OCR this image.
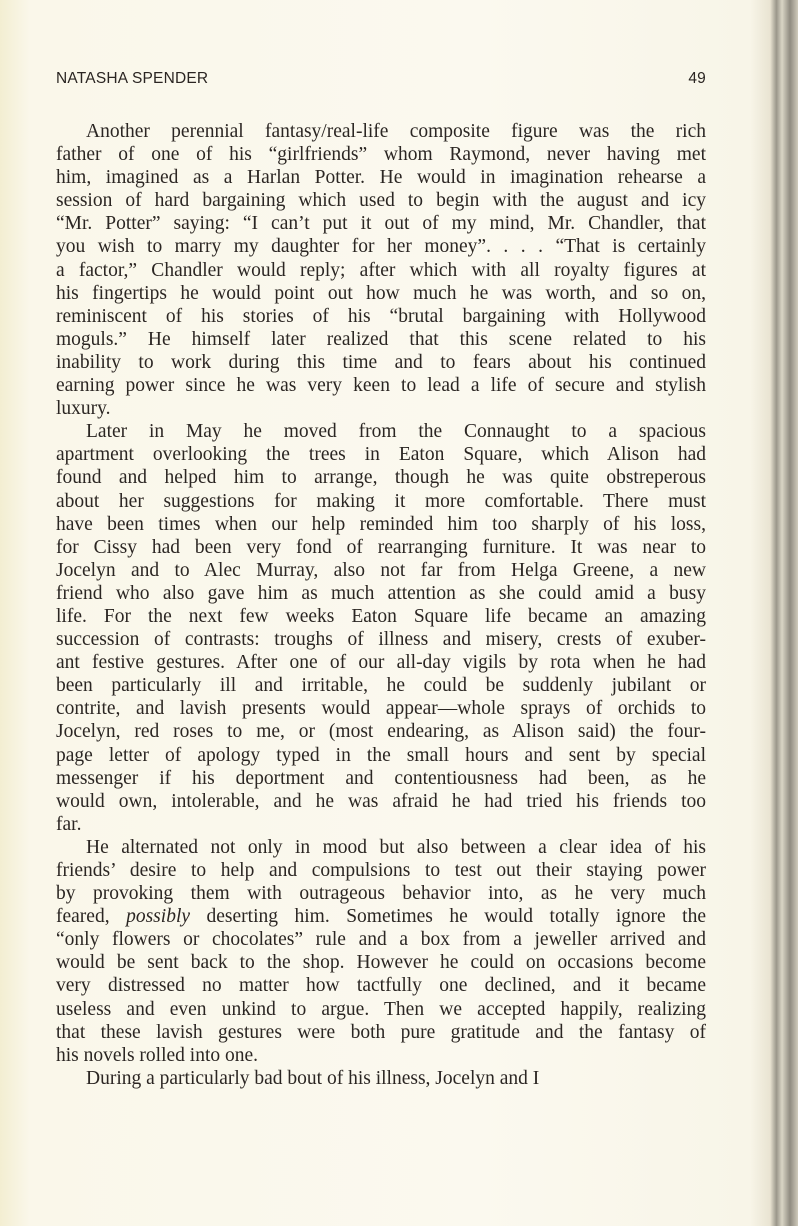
NATASHA SPENDER	49
Another perennial fantasy/real-life composite figure was the rich
father of one of his “girlfriends” whom Raymond, never having met
him, imagined as a Harlan Potter. He would in imagination rehearse a
session of hard bargaining which used to begin with the august and icy
“Mr. Potter” saying: “I can’t put it out of my mind, Mr. Chandler, that
you wish to marry my daughter for her money”. . . . “That is certainly
a factor,” Chandler would reply; after which with all royalty figures at
his fingertips he would point out how much he was worth, and so on,
reminiscent of his stories of his “brutal bargaining with Hollywood
moguls.” He himself later realized that this scene related to his
inability to work during this time and to fears about his continued
earning power since he was very keen to lead a life of secure and stylish
luxury.
Later in May he moved from the Connaught to a spacious
apartment overlooking the trees in Eaton Square, which Alison had
found and helped him to arrange, though he was quite obstreperous
about her suggestions for making it more comfortable. There must
have been times when our help reminded him too sharply of his loss,
for Cissy had been very fond of rearranging furniture. It was near to
Jocelyn and to Alec Murray, also not far from Helga Greene, a new
friend who also gave him as much attention as she could amid a busy
life. For the next few weeks Eaton Square life became an amazing
succession of contrasts: troughs of illness and misery, crests of exuber-
ant festive gestures. After one of our all-day vigils by rota when he had
been particularly ill and irritable, he could be suddenly jubilant or
contrite, and lavish presents would appear—whole sprays of orchids to
Jocelyn, red roses to me, or (most endearing, as Alison said) the four-
page letter of apology typed in the small hours and sent by special
messenger if his deportment and contentiousness had been, as he
would own, intolerable, and he was afraid he had tried his friends too
far.
He alternated not only in mood but also between a clear idea of his
friends’ desire to help and compulsions to test out their staying power
by provoking them with outrageous behavior into, as he very much
feared, possibly deserting him. Sometimes he would totally ignore the
“only flowers or chocolates” rule and a box from a jeweller arrived and
would be sent back to the shop. However he could on occasions become
very distressed no matter how tactfully one declined, and it became
useless and even unkind to argue. Then we accepted happily, realizing
that these lavish gestures were both pure gratitude and the fantasy of
his novels rolled into one.
During a particularly bad bout of his illness, Jocelyn and I
